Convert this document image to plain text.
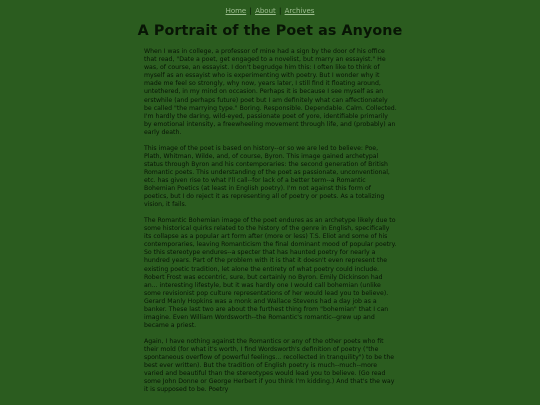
Home | About | Archives
A Portrait of the Poet as Anyone

When I was in college, a professor of mine had a sign by the door of his office that read, "Date a poet, get engaged to a novelist, but marry an essayist." He was, of course, an essayist. I don't begrudge him this: I often like to think of myself as an essayist who is experimenting with poetry. But I wonder why it made me feel so strongly, why now, years later, I still find it floating around, untethered, in my mind on occasion. Perhaps it is because I see myself as an erstwhile (and perhaps future) poet but I am definitely what can affectionately be called "the marrying type." Boring. Responsible. Dependable. Calm. Collected. I'm hardly the daring, wild-eyed, passionate poet of yore, identifiable primarily by emotional intensity, a freewheeling movement through life, and (probably) an early death.

This image of the poet is based on history--or so we are led to believe: Poe, Plath, Whitman, Wilde, and, of course, Byron. This image gained archetypal status through Byron and his contemporaries: the second generation of British Romantic poets. This understanding of the poet as passionate, unconventional, etc. has given rise to what I'll call--for lack of a better term--a Romantic Bohemian Poetics (at least in English poetry). I'm not against this form of poetics, but I do reject it as representing all of poetry or poets. As a totalizing vision, it fails.

The Romantic Bohemian image of the poet endures as an archetype likely due to some historical quirks related to the history of the genre in English, specifically its collapse as a popular art form after (more or less) T.S. Eliot and some of his contemporaries, leaving Romanticism the final dominant mood of popular poetry. So this stereotype endures--a specter that has haunted poetry for nearly a hundred years. Part of the problem with it is that it doesn't even represent the existing poetic tradition, let alone the entirety of what poetry could include. Robert Frost was eccentric, sure, but certainly no Byron. Emily Dickinson had an... interesting lifestyle, but it was hardly one I would call bohemian (unlike some revisionist pop culture representations of her would lead you to believe). Gerard Manly Hopkins was a monk and Wallace Stevens had a day job as a banker. These last two are about the furthest thing from "bohemian" that I can imagine. Even William Wordsworth--the Romantic's romantic--grew up and became a priest.

Again, I have nothing against the Romantics or any of the other poets who fit their mold (for what it's worth, I find Wordsworth's definition of poetry ("the spontaneous overflow of powerful feelings... recollected in tranquility") to be the best ever written). But the tradition of English poetry is much--much--more varied and beautiful than the stereotypes would lead you to believe. (Go read some John Donne or George Herbert if you think I'm kidding.) And that's the way it is supposed to be. Poetry
